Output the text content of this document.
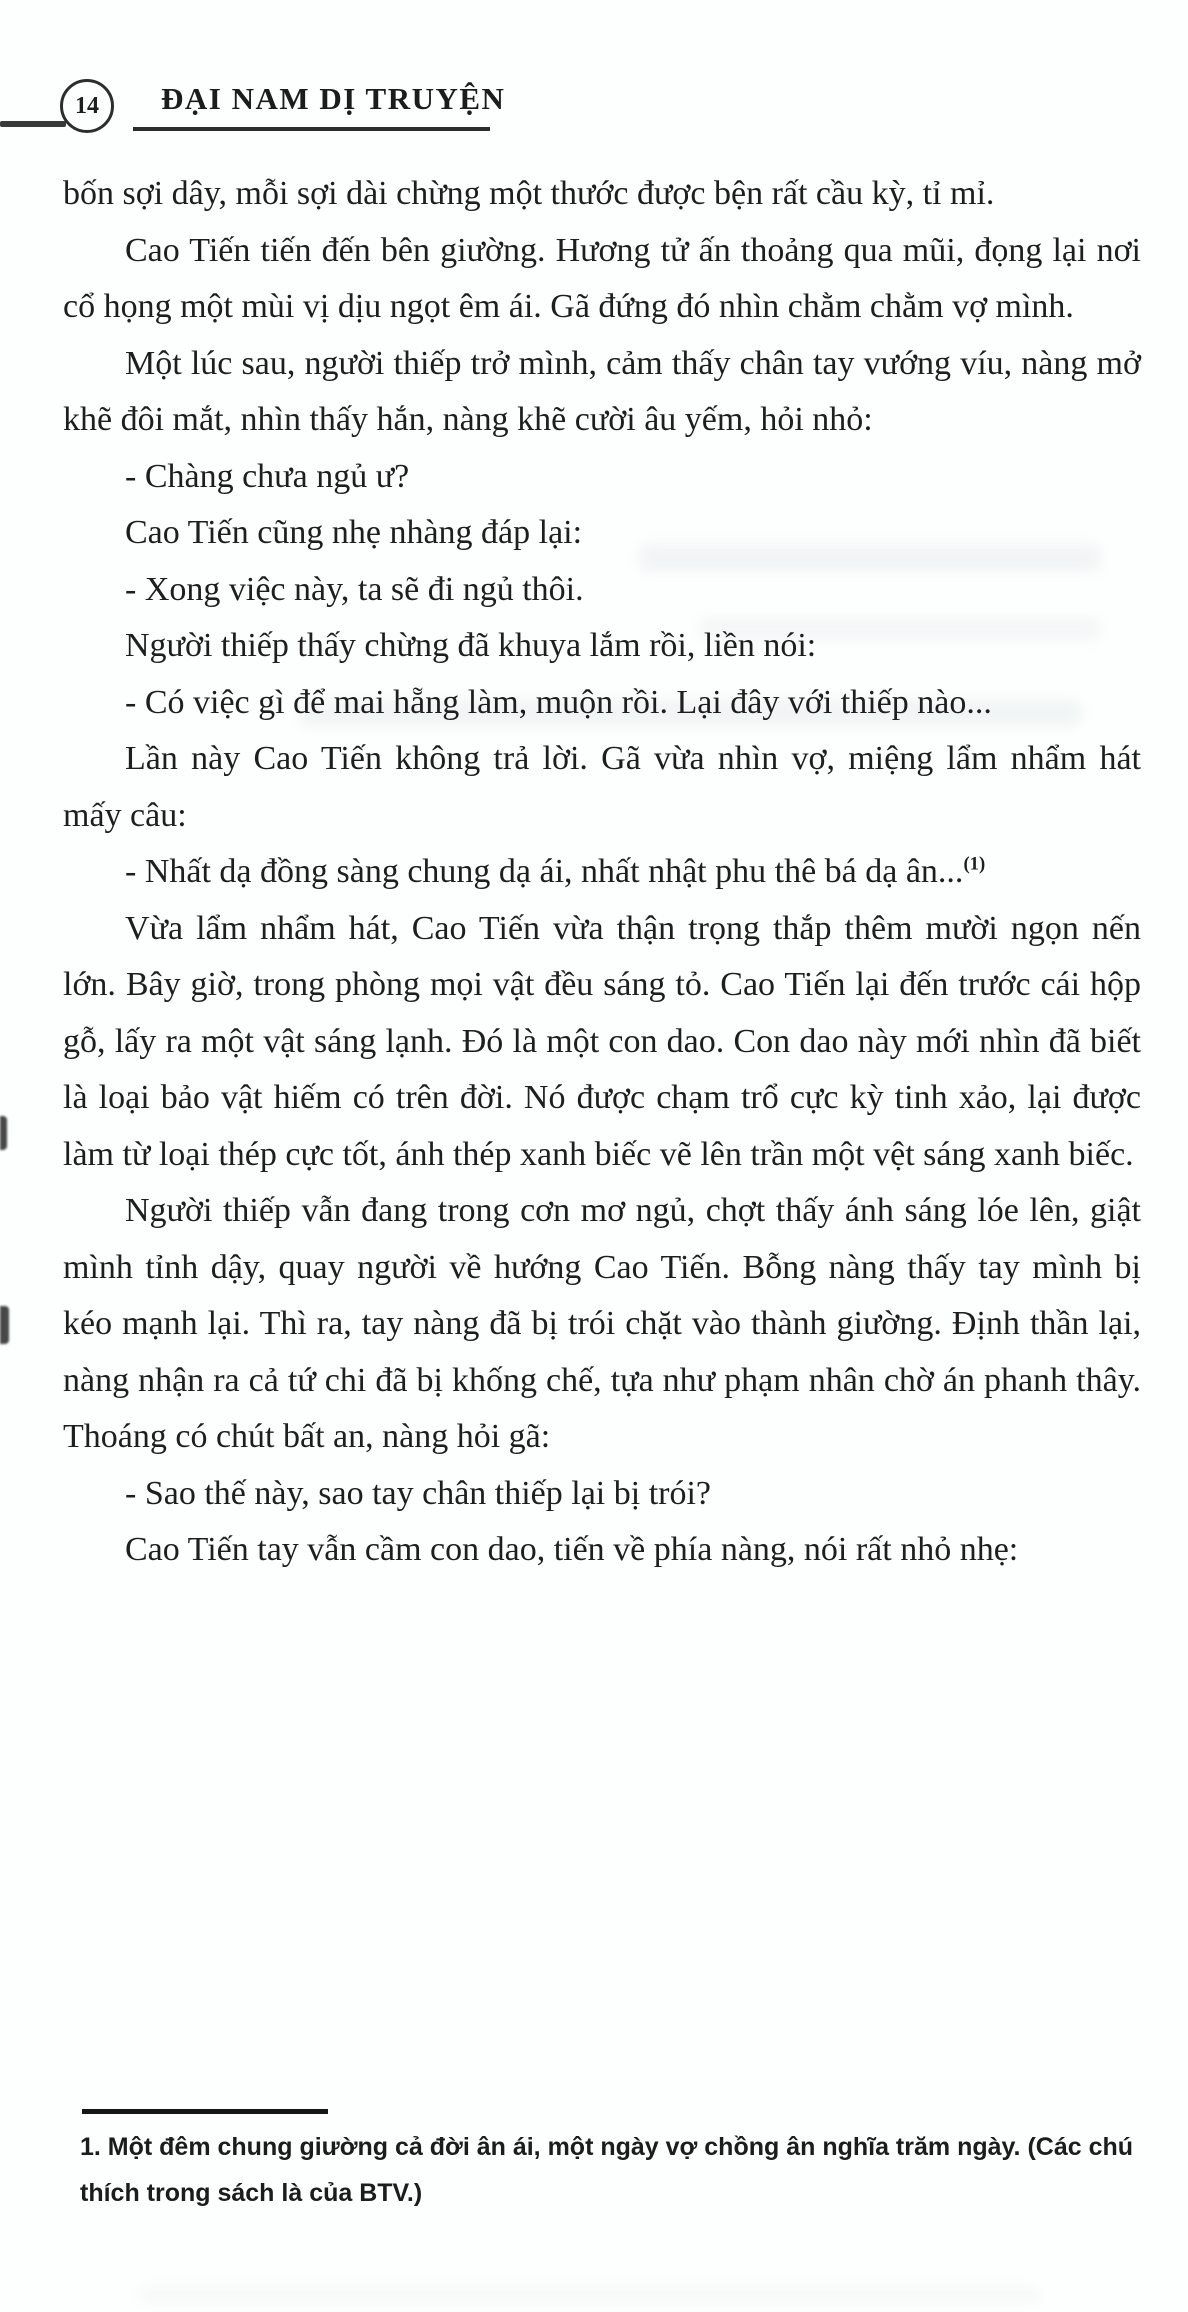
14 ĐẠI NAM DỊ TRUYỆN

bốn sợi dây, mỗi sợi dài chừng một thước được bện rất cầu kỳ, tỉ mỉ.

Cao Tiến tiến đến bên giường. Hương tử ấn thoảng qua mũi, đọng lại nơi cổ họng một mùi vị dịu ngọt êm ái. Gã đứng đó nhìn chằm chằm vợ mình.

Một lúc sau, người thiếp trở mình, cảm thấy chân tay vướng víu, nàng mở khẽ đôi mắt, nhìn thấy hắn, nàng khẽ cười âu yếm, hỏi nhỏ:

- Chàng chưa ngủ ư?

Cao Tiến cũng nhẹ nhàng đáp lại:

- Xong việc này, ta sẽ đi ngủ thôi.

Người thiếp thấy chừng đã khuya lắm rồi, liền nói:

- Có việc gì để mai hẵng làm, muộn rồi. Lại đây với thiếp nào...

Lần này Cao Tiến không trả lời. Gã vừa nhìn vợ, miệng lẩm nhẩm hát mấy câu:

- Nhất dạ đồng sàng chung dạ ái, nhất nhật phu thê bá dạ ân...$^{(1)}$

Vừa lẩm nhẩm hát, Cao Tiến vừa thận trọng thắp thêm mười ngọn nến lớn. Bây giờ, trong phòng mọi vật đều sáng tỏ. Cao Tiến lại đến trước cái hộp gỗ, lấy ra một vật sáng lạnh. Đó là một con dao. Con dao này mới nhìn đã biết là loại bảo vật hiếm có trên đời. Nó được chạm trổ cực kỳ tinh xảo, lại được làm từ loại thép cực tốt, ánh thép xanh biếc vẽ lên trần một vệt sáng xanh biếc.

Người thiếp vẫn đang trong cơn mơ ngủ, chợt thấy ánh sáng lóe lên, giật mình tỉnh dậy, quay người về hướng Cao Tiến. Bỗng nàng thấy tay mình bị kéo mạnh lại. Thì ra, tay nàng đã bị trói chặt vào thành giường. Định thần lại, nàng nhận ra cả tứ chi đã bị khống chế, tựa như phạm nhân chờ án phanh thây. Thoáng có chút bất an, nàng hỏi gã:

- Sao thế này, sao tay chân thiếp lại bị trói?

Cao Tiến tay vẫn cầm con dao, tiến về phía nàng, nói rất nhỏ nhẹ:

1. Một đêm chung giường cả đời ân ái, một ngày vợ chồng ân nghĩa trăm ngày. (Các chú thích trong sách là của BTV.)
